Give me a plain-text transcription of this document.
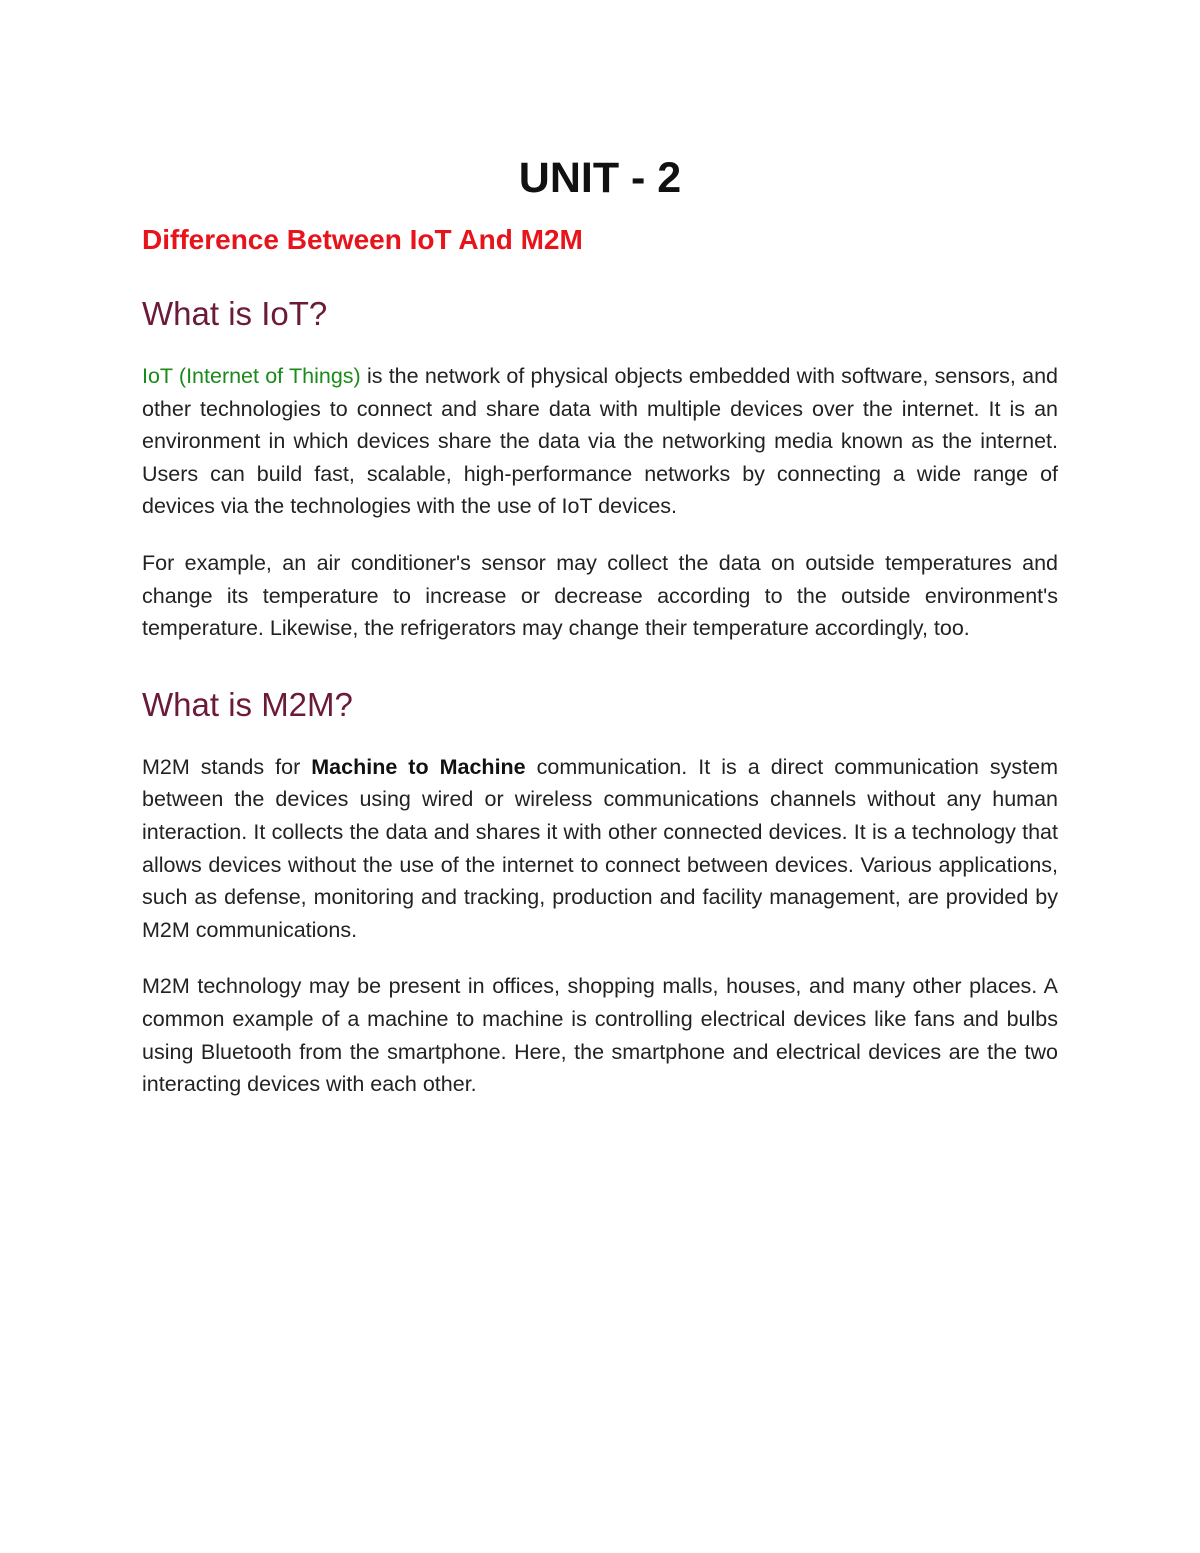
UNIT - 2
Difference Between IoT And M2M
What is IoT?

IoT (Internet of Things) is the network of physical objects embedded with software, sensors, and other technologies to connect and share data with multiple devices over the internet. It is an environment in which devices share the data via the networking media known as the internet. Users can build fast, scalable, high-performance networks by connecting a wide range of devices via the technologies with the use of IoT devices.

For example, an air conditioner's sensor may collect the data on outside temperatures and change its temperature to increase or decrease according to the outside environment's temperature. Likewise, the refrigerators may change their temperature accordingly, too.

What is M2M?

M2M stands for Machine to Machine communication. It is a direct communication system between the devices using wired or wireless communications channels without any human interaction. It collects the data and shares it with other connected devices. It is a technology that allows devices without the use of the internet to connect between devices. Various applications, such as defense, monitoring and tracking, production and facility management, are provided by M2M communications.

M2M technology may be present in offices, shopping malls, houses, and many other places. A common example of a machine to machine is controlling electrical devices like fans and bulbs using Bluetooth from the smartphone. Here, the smartphone and electrical devices are the two interacting devices with each other.
